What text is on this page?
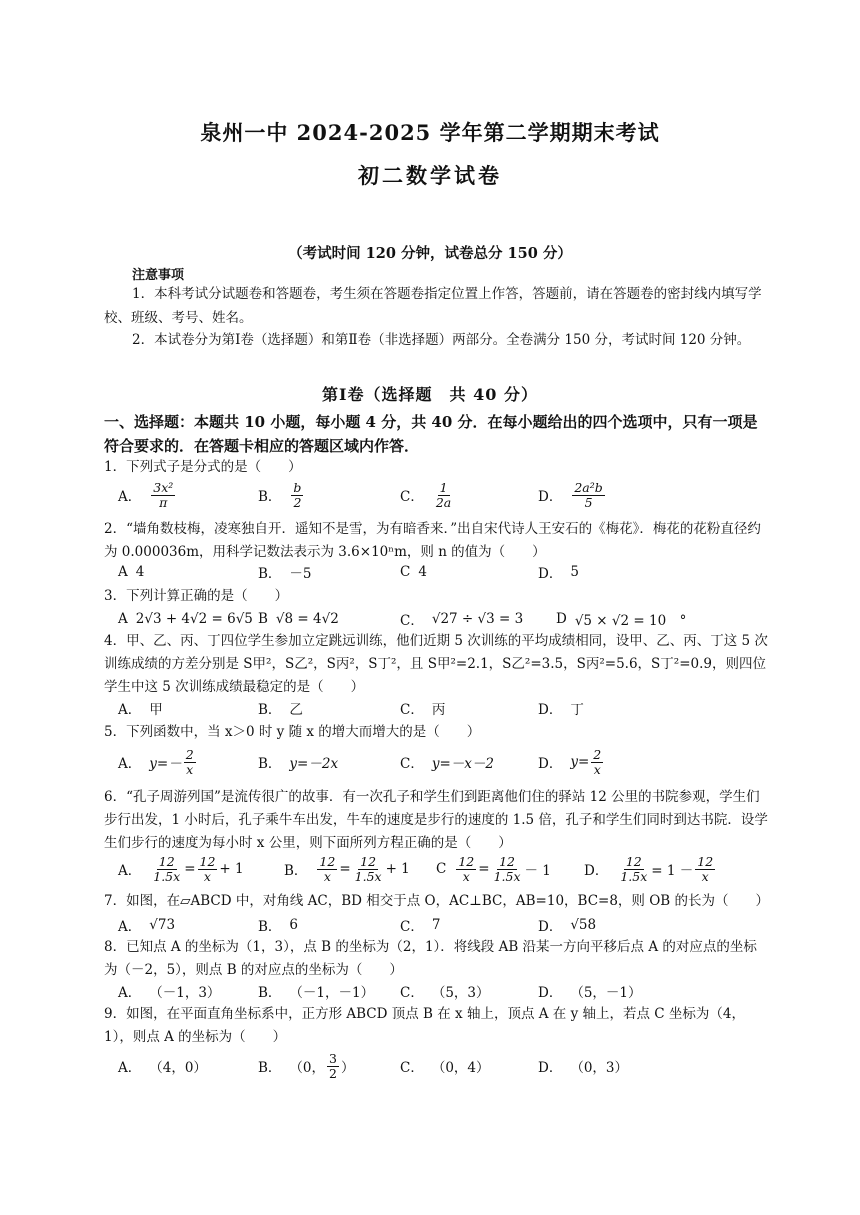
泉州一中 2024-2025 学年第二学期期末考试
初二数学试卷
（考试时间 120 分钟，试卷总分 150 分）
注意事项
1．本科考试分试题卷和答题卷，考生须在答题卷指定位置上作答，答题前，请在答题卷的密封线内填写学校、班级、考号、姓名。
2．本试卷分为第Ⅰ卷（选择题）和第Ⅱ卷（非选择题）两部分。全卷满分 150 分，考试时间 120 分钟。
第Ⅰ卷（选择题　共 40 分）
一、选择题：本题共 10 小题，每小题 4 分，共 40 分．在每小题给出的四个选项中，只有一项是符合要求的．在答题卡相应的答题区域内作答．
1．下列式子是分式的是（　　）
A． $\frac{\text{3x²}}{\pi}$	B． $\frac{b}{2}$	C． $\frac{1}{2a}$	D． $\frac{\text{2a²b}}{5}$
2．“墙角数枝梅，凌寒独自开．遥知不是雪，为有暗香来．”出自宋代诗人王安石的《梅花》．梅花的花粉直径约为 0.000036m，用科学记数法表示为 3.6×10ⁿm，则 n 的值为（　　）
A 4	B． －5	C 4	D． 5
3．下列计算正确的是（　　）
A 2√3 + 4√2 = 6√5 B √8 = 4√2	C． √27 ÷ √3 = 3 D √5 × √2 = 10　°
4．甲、乙、丙、丁四位学生参加立定跳远训练，他们近期 5 次训练的平均成绩相同，设甲、乙、丙、丁这 5 次训练成绩的方差分别是 S甲²，S乙²，S丙²，S丁²，且 S甲²=2.1，S乙²=3.5，S丙²=5.6，S丁²=0.9，则四位学生中这 5 次训练成绩最稳定的是（　　）
A． 甲	B． 乙	C． 丙	D． 丁
5．下列函数中，当 x＞0 时 y 随 x 的增大而增大的是（　　）
A． $y=- \frac{2}{x}$	B． y=－2x	C． y=－x－2	D． $y= \frac{2}{x}$
6．“孔子周游列国”是流传很广的故事．有一次孔子和学生们到距离他们住的驿站 12 公里的书院参观，学生们步行出发，1 小时后，孔子乘牛车出发，牛车的速度是步行的速度的 1.5 倍，孔子和学生们同时到达书院．设学生们步行的速度为每小时 x 公里，则下面所列方程正确的是（　　）
A． $\frac{12}{1.5x} = \frac{12}{x} + 1$	B． $\frac{12}{x} = \frac{12}{1.5x} + 1$ C $\frac{12}{x} = \frac{12}{1.5x} - 1$ D． $\frac{12}{1.5x} = 1 - \frac{12}{x}$
7．如图，在▱ABCD 中，对角线 AC，BD 相交于点 O，AC⊥BC，AB=10，BC=8，则 OB 的长为（　　）
A． √73	B． 6	C． 7	D． √58
8．已知点 A 的坐标为（1，3），点 B 的坐标为（2，1）．将线段 AB 沿某一方向平移后点 A 的对应点的坐标为（－2，5），则点 B 的对应点的坐标为（　　）
A． （－1，3）	B． （－1，－1） C． （5，3）	D． （5，－1）
9．如图，在平面直角坐标系中，正方形 ABCD 顶点 B 在 x 轴上，顶点 A 在 y 轴上，若点 C 坐标为（4，1），则点 A 的坐标为（　　）
A． （4，0）	B． （0， $\frac{3}{2}$ ）	C． （0，4）	D． （0，3）
